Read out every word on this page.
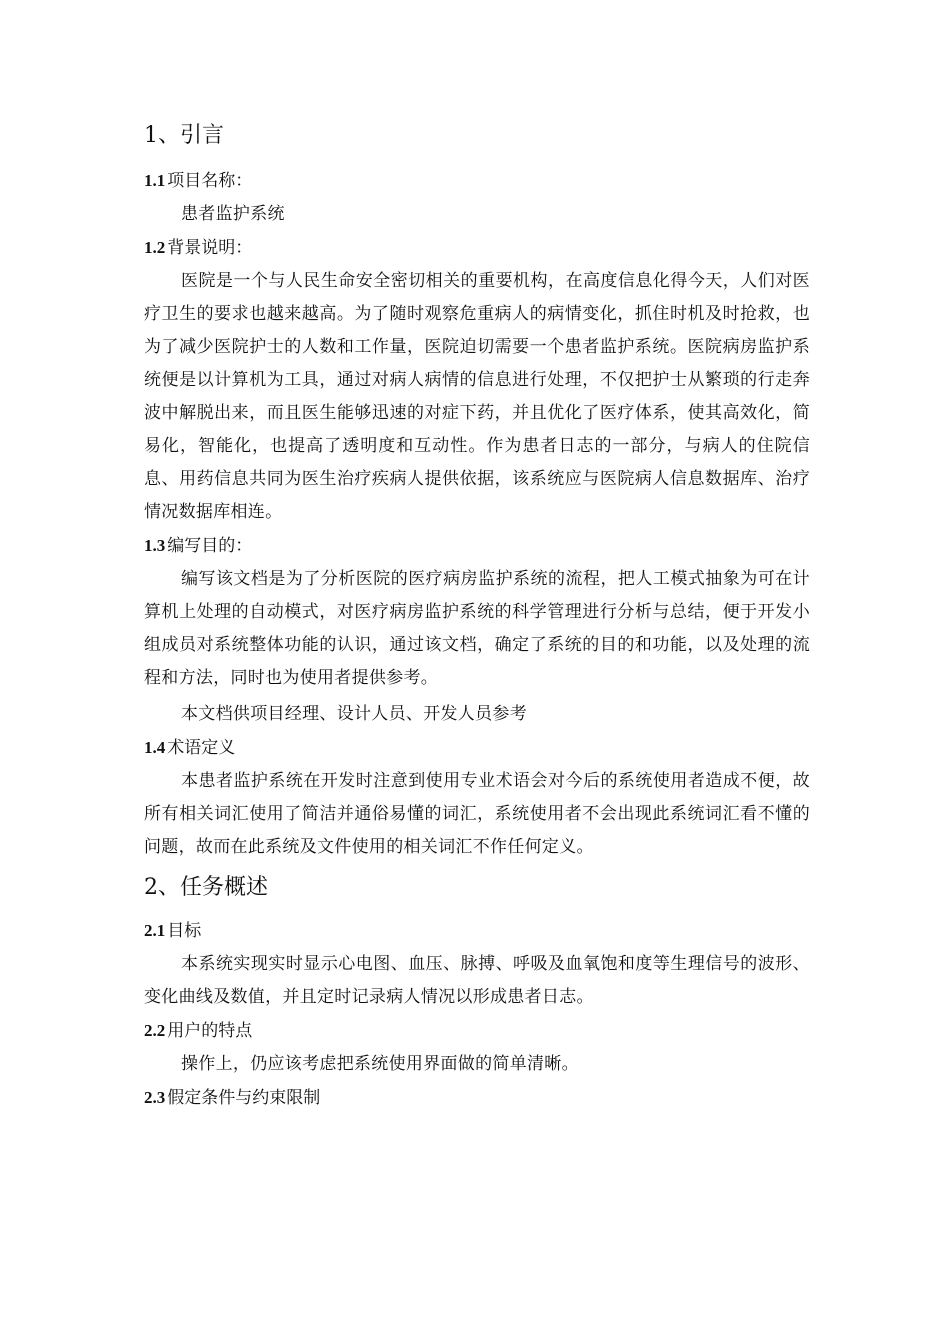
1、引言
1.1 项目名称：

患者监护系统

1.2 背景说明：

医院是一个与人民生命安全密切相关的重要机构，在高度信息化得今天，人们对医疗卫生的要求也越来越高。为了随时观察危重病人的病情变化，抓住时机及时抢救，也为了减少医院护士的人数和工作量，医院迫切需要一个患者监护系统。医院病房监护系统便是以计算机为工具，通过对病人病情的信息进行处理，不仅把护士从繁琐的行走奔波中解脱出来，而且医生能够迅速的对症下药，并且优化了医疗体系，使其高效化，简易化，智能化，也提高了透明度和互动性。作为患者日志的一部分，与病人的住院信息、用药信息共同为医生治疗疾病人提供依据，该系统应与医院病人信息数据库、治疗情况数据库相连。

1.3 编写目的：

编写该文档是为了分析医院的医疗病房监护系统的流程，把人工模式抽象为可在计算机上处理的自动模式，对医疗病房监护系统的科学管理进行分析与总结，便于开发小组成员对系统整体功能的认识，通过该文档，确定了系统的目的和功能，以及处理的流程和方法，同时也为使用者提供参考。

本文档供项目经理、设计人员、开发人员参考

1.4 术语定义

本患者监护系统在开发时注意到使用专业术语会对今后的系统使用者造成不便，故所有相关词汇使用了简洁并通俗易懂的词汇，系统使用者不会出现此系统词汇看不懂的问题，故而在此系统及文件使用的相关词汇不作任何定义。

2、任务概述
2.1 目标

本系统实现实时显示心电图、血压、脉搏、呼吸及血氧饱和度等生理信号的波形、变化曲线及数值，并且定时记录病人情况以形成患者日志。

2.2 用户的特点

操作上，仍应该考虑把系统使用界面做的简单清晰。

2.3 假定条件与约束限制
